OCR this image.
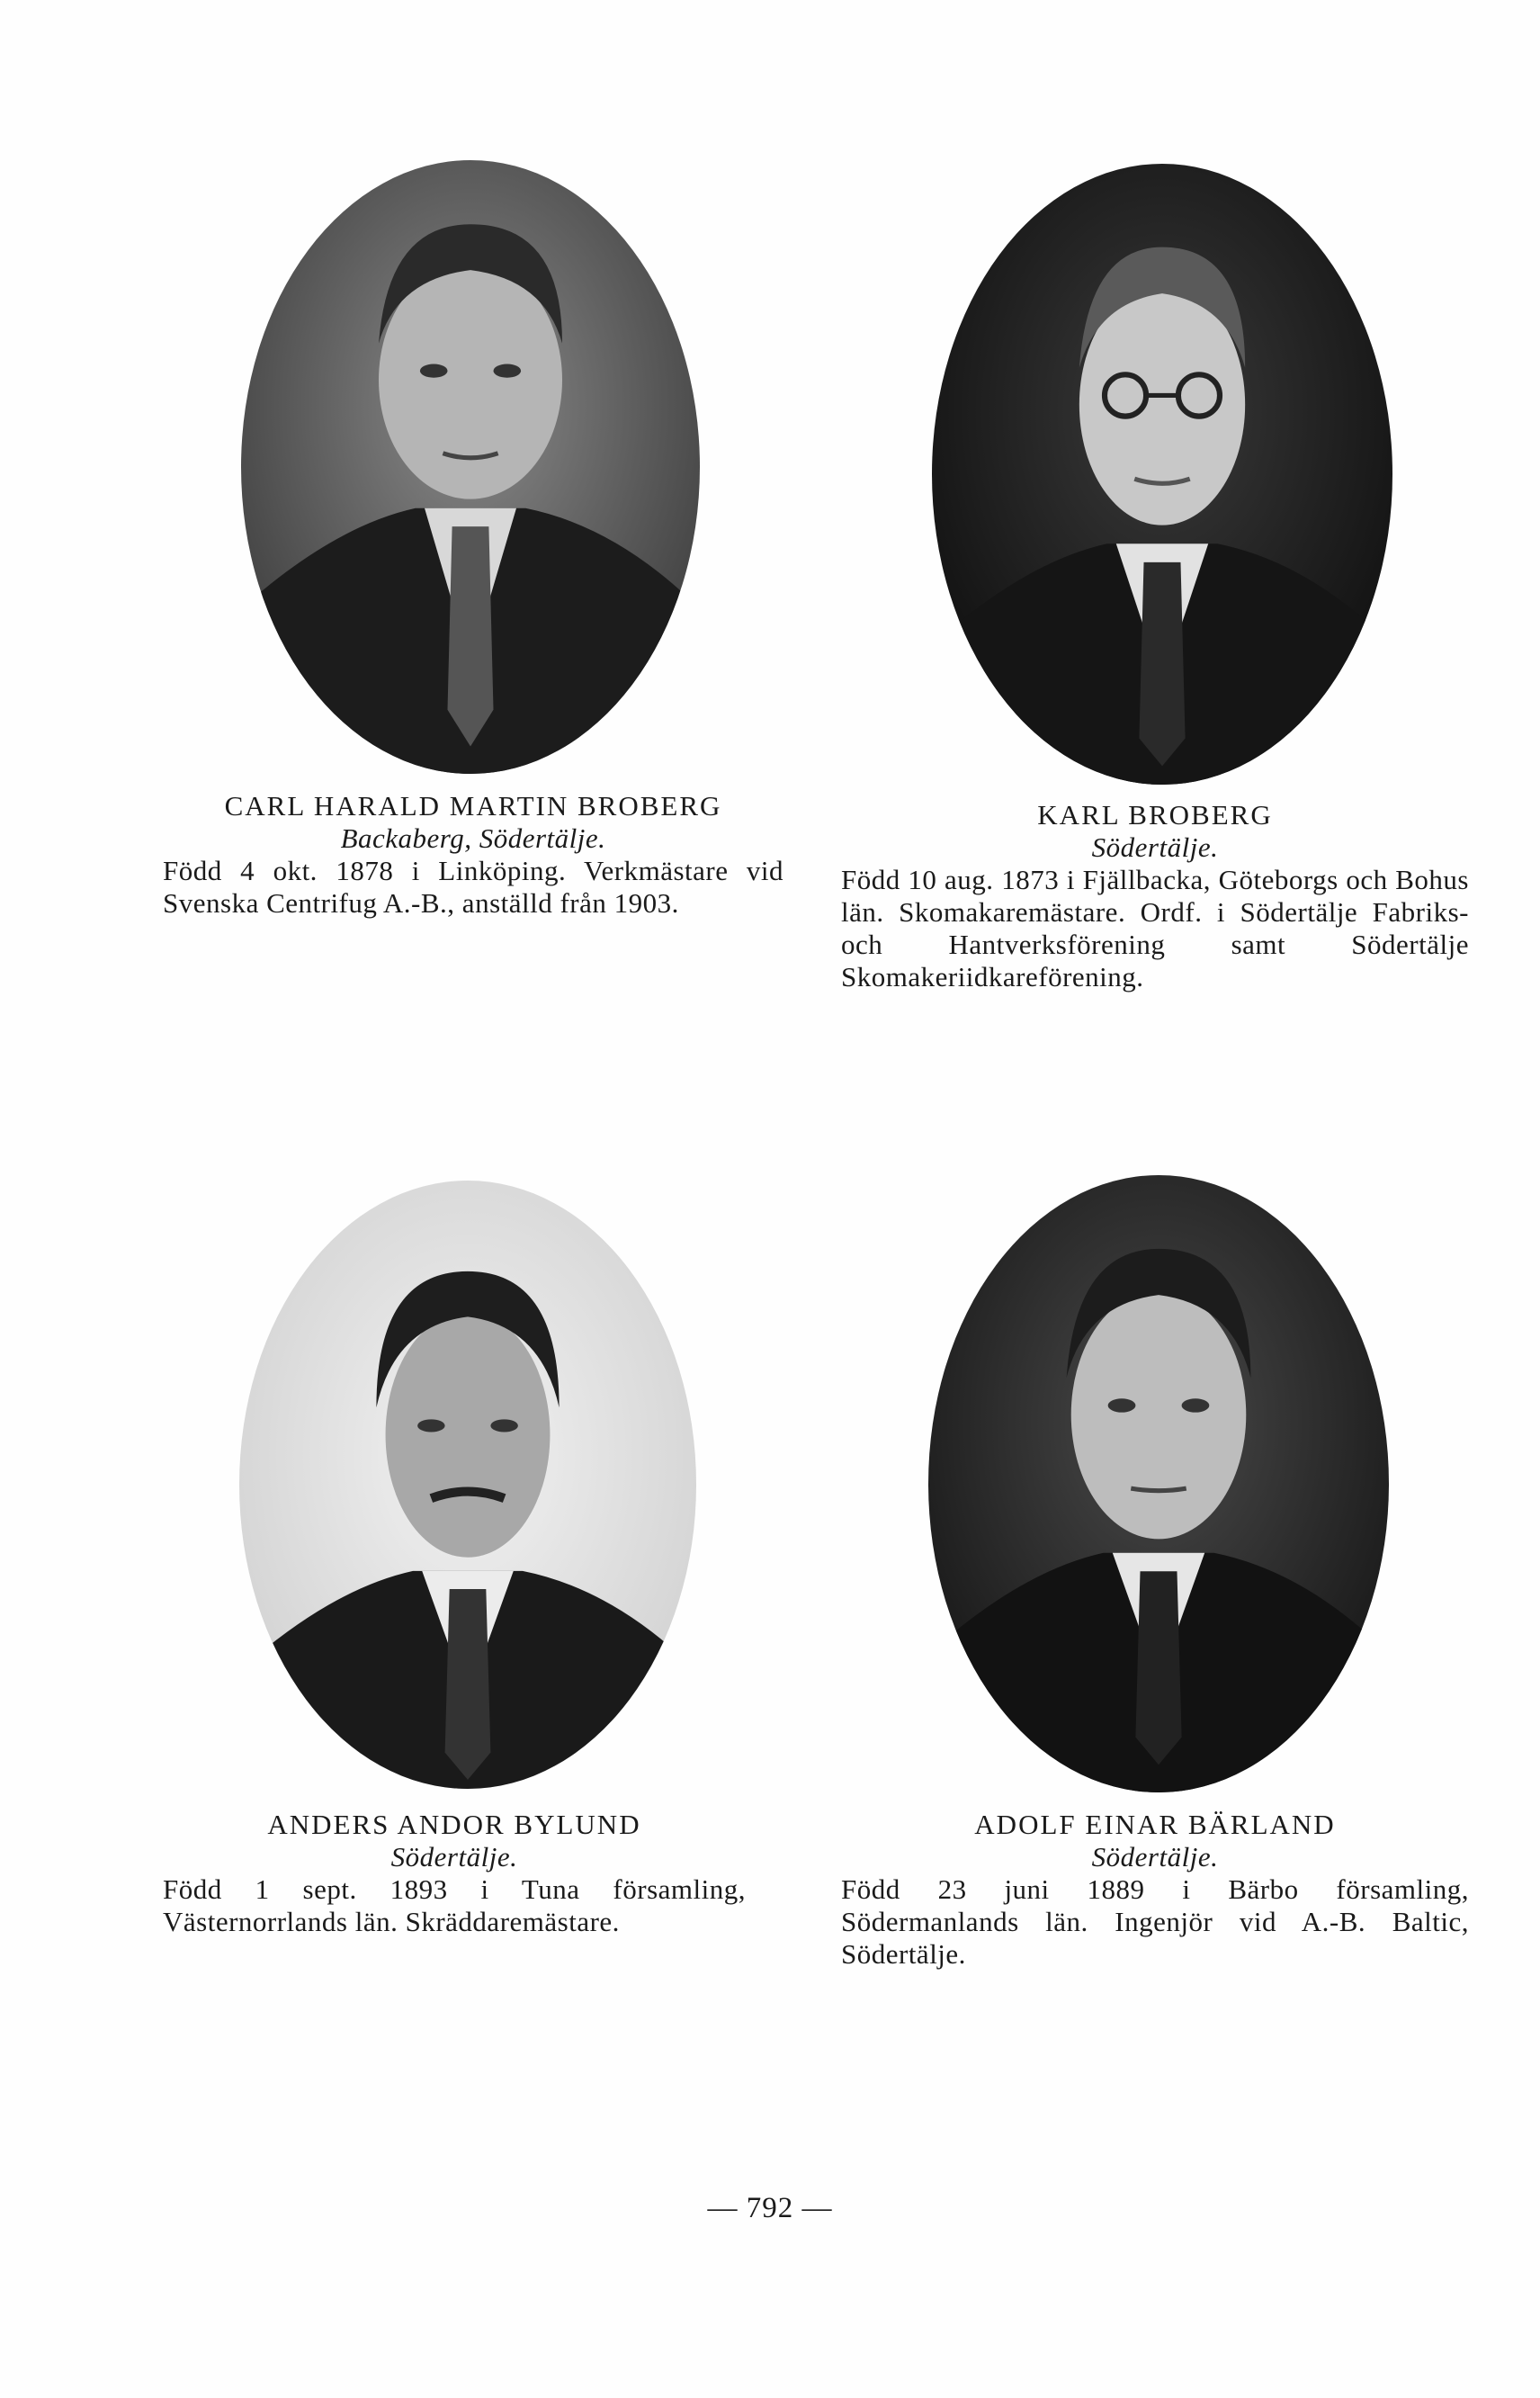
CARL HARALD MARTIN BROBERG
Backaberg, Södertälje.
Född 4 okt. 1878 i Linköping. Verkmästare vid Svenska Centrifug A.-B., anställd från 1903.
KARL BROBERG
Södertälje.
Född 10 aug. 1873 i Fjällbacka, Göteborgs och Bohus län. Skomakaremästare. Ordf. i Södertälje Fabriks- och Hantverksförening samt Södertälje Skomakeriidkareförening.
ANDERS ANDOR BYLUND
Södertälje.
Född 1 sept. 1893 i Tuna församling, Västernorrlands län. Skräddaremästare.
ADOLF EINAR BÄRLAND
Södertälje.
Född 23 juni 1889 i Bärbo församling, Södermanlands län. Ingenjör vid A.-B. Baltic, Södertälje.
— 792 —
